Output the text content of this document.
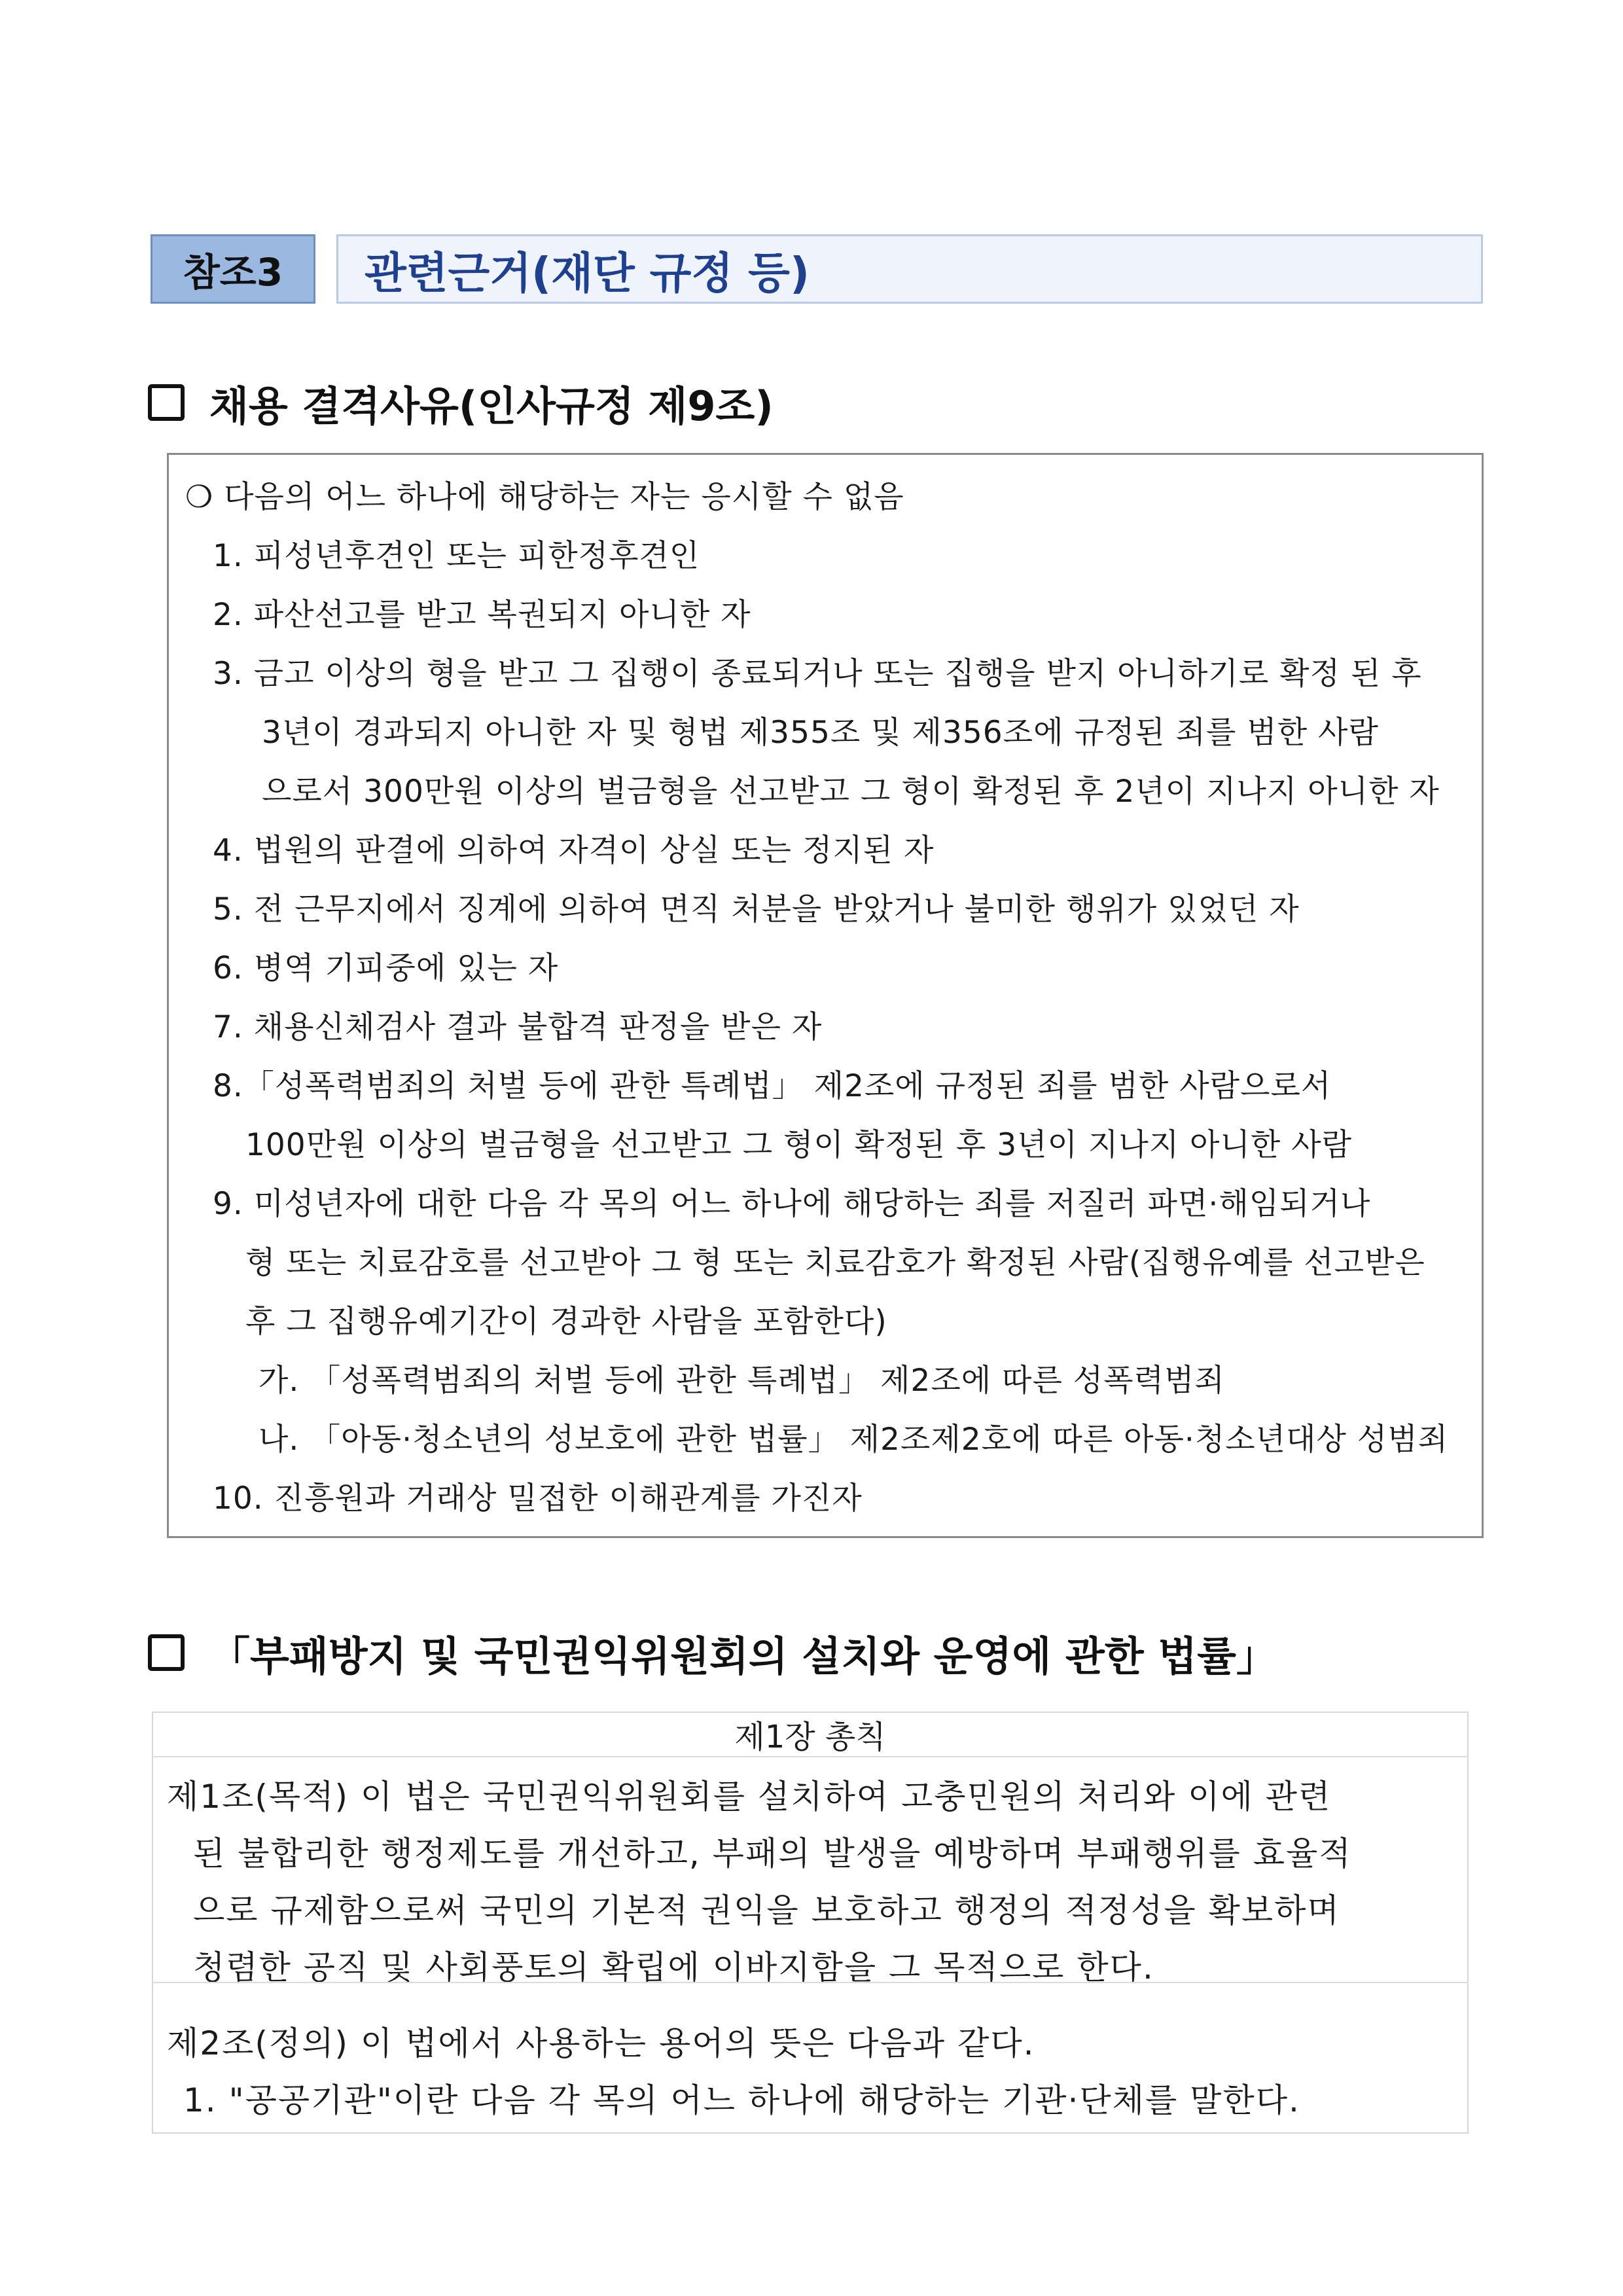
참조3	관련근거(재단 규정 등)
채용 결격사유(인사규정 제9조)
❍ 다음의 어느 하나에 해당하는 자는 응시할 수 없음
1. 피성년후견인 또는 피한정후견인
2. 파산선고를 받고 복권되지 아니한 자
3. 금고 이상의 형을 받고 그 집행이 종료되거나 또는 집행을 받지 아니하기로 확정 된 후
3년이 경과되지 아니한 자 및 형법 제355조 및 제356조에 규정된 죄를 범한 사람
으로서 300만원 이상의 벌금형을 선고받고 그 형이 확정된 후 2년이 지나지 아니한 자
4. 법원의 판결에 의하여 자격이 상실 또는 정지된 자
5. 전 근무지에서 징계에 의하여 면직 처분을 받았거나 불미한 행위가 있었던 자
6. 병역 기피중에 있는 자
7. 채용신체검사 결과 불합격 판정을 받은 자
8.「성폭력범죄의 처벌 등에 관한 특례법」 제2조에 규정된 죄를 범한 사람으로서
100만원 이상의 벌금형을 선고받고 그 형이 확정된 후 3년이 지나지 아니한 사람
9. 미성년자에 대한 다음 각 목의 어느 하나에 해당하는 죄를 저질러 파면·해임되거나
형 또는 치료감호를 선고받아 그 형 또는 치료감호가 확정된 사람(집행유예를 선고받은
후 그 집행유예기간이 경과한 사람을 포함한다)
가. 「성폭력범죄의 처벌 등에 관한 특례법」 제2조에 따른 성폭력범죄
나. 「아동·청소년의 성보호에 관한 법률」 제2조제2호에 따른 아동·청소년대상 성범죄
10. 진흥원과 거래상 밀접한 이해관계를 가진자
「부패방지 및 국민권익위원회의 설치와 운영에 관한 법률」
제1장 총칙
제1조(목적) 이 법은 국민권익위원회를 설치하여 고충민원의 처리와 이에 관련
된 불합리한 행정제도를 개선하고, 부패의 발생을 예방하며 부패행위를 효율적
으로 규제함으로써 국민의 기본적 권익을 보호하고 행정의 적정성을 확보하며
청렴한 공직 및 사회풍토의 확립에 이바지함을 그 목적으로 한다.
제2조(정의) 이 법에서 사용하는 용어의 뜻은 다음과 같다.
1. "공공기관"이란 다음 각 목의 어느 하나에 해당하는 기관·단체를 말한다.
